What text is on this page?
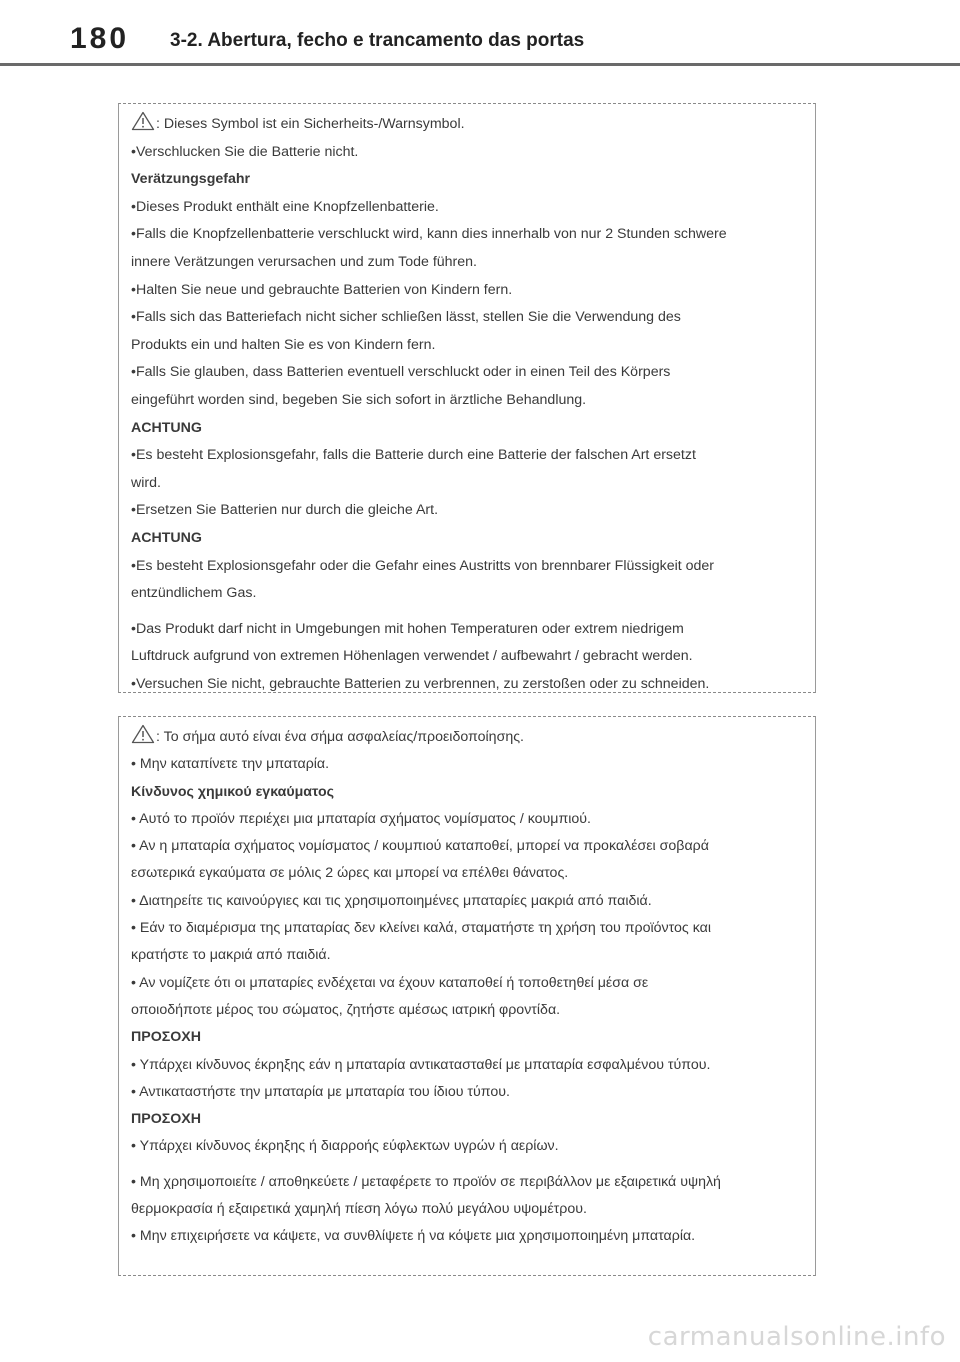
180 3-2. Abertura, fecho e trancamento das portas
: Dieses Symbol ist ein Sicherheits-/Warnsymbol.
•Verschlucken Sie die Batterie nicht.
Verätzungsgefahr
•Dieses Produkt enthält eine Knopfzellenbatterie.
•Falls die Knopfzellenbatterie verschluckt wird, kann dies innerhalb von nur 2 Stunden schwere
innere Verätzungen verursachen und zum Tode führen.
•Halten Sie neue und gebrauchte Batterien von Kindern fern.
•Falls sich das Batteriefach nicht sicher schließen lässt, stellen Sie die Verwendung des
Produkts ein und halten Sie es von Kindern fern.
•Falls Sie glauben, dass Batterien eventuell verschluckt oder in einen Teil des Körpers
eingeführt worden sind, begeben Sie sich sofort in ärztliche Behandlung.
ACHTUNG
•Es besteht Explosionsgefahr, falls die Batterie durch eine Batterie der falschen Art ersetzt
wird.
•Ersetzen Sie Batterien nur durch die gleiche Art.
ACHTUNG
•Es besteht Explosionsgefahr oder die Gefahr eines Austritts von brennbarer Flüssigkeit oder
entzündlichem Gas.
•Das Produkt darf nicht in Umgebungen mit hohen Temperaturen oder extrem niedrigem
Luftdruck aufgrund von extremen Höhenlagen verwendet / aufbewahrt / gebracht werden.
•Versuchen Sie nicht, gebrauchte Batterien zu verbrennen, zu zerstoßen oder zu schneiden.
: Το σήμα αυτό είναι ένα σήμα ασφαλείας/προειδοποίησης.
• Μην καταπίνετε την μπαταρία.
Κίνδυνος χημικού εγκαύματος
• Αυτό το προϊόν περιέχει μια μπαταρία σχήματος νομίσματος / κουμπιού.
• Αν η μπαταρία σχήματος νομίσματος / κουμπιού καταποθεί, μπορεί να προκαλέσει σοβαρά
εσωτερικά εγκαύματα σε μόλις 2 ώρες και μπορεί να επέλθει θάνατος.
• Διατηρείτε τις καινούργιες και τις χρησιμοποιημένες μπαταρίες μακριά από παιδιά.
• Εάν το διαμέρισμα της μπαταρίας δεν κλείνει καλά, σταματήστε τη χρήση του προϊόντος και
κρατήστε το μακριά από παιδιά.
• Αν νομίζετε ότι οι μπαταρίες ενδέχεται να έχουν καταποθεί ή τοποθετηθεί μέσα σε
οποιοδήποτε μέρος του σώματος, ζητήστε αμέσως ιατρική φροντίδα.
ΠΡΟΣΟΧΗ
• Υπάρχει κίνδυνος έκρηξης εάν η μπαταρία αντικατασταθεί με μπαταρία εσφαλμένου τύπου.
• Αντικαταστήστε την μπαταρία με μπαταρία του ίδιου τύπου.
ΠΡΟΣΟΧΗ
• Υπάρχει κίνδυνος έκρηξης ή διαρροής εύφλεκτων υγρών ή αερίων.
• Μη χρησιμοποιείτε / αποθηκεύετε / μεταφέρετε το προϊόν σε περιβάλλον με εξαιρετικά υψηλή
θερμοκρασία ή εξαιρετικά χαμηλή πίεση λόγω πολύ μεγάλου υψομέτρου.
• Μην επιχειρήσετε να κάψετε, να συνθλίψετε ή να κόψετε μια χρησιμοποιημένη μπαταρία.
carmanualsonline.info
